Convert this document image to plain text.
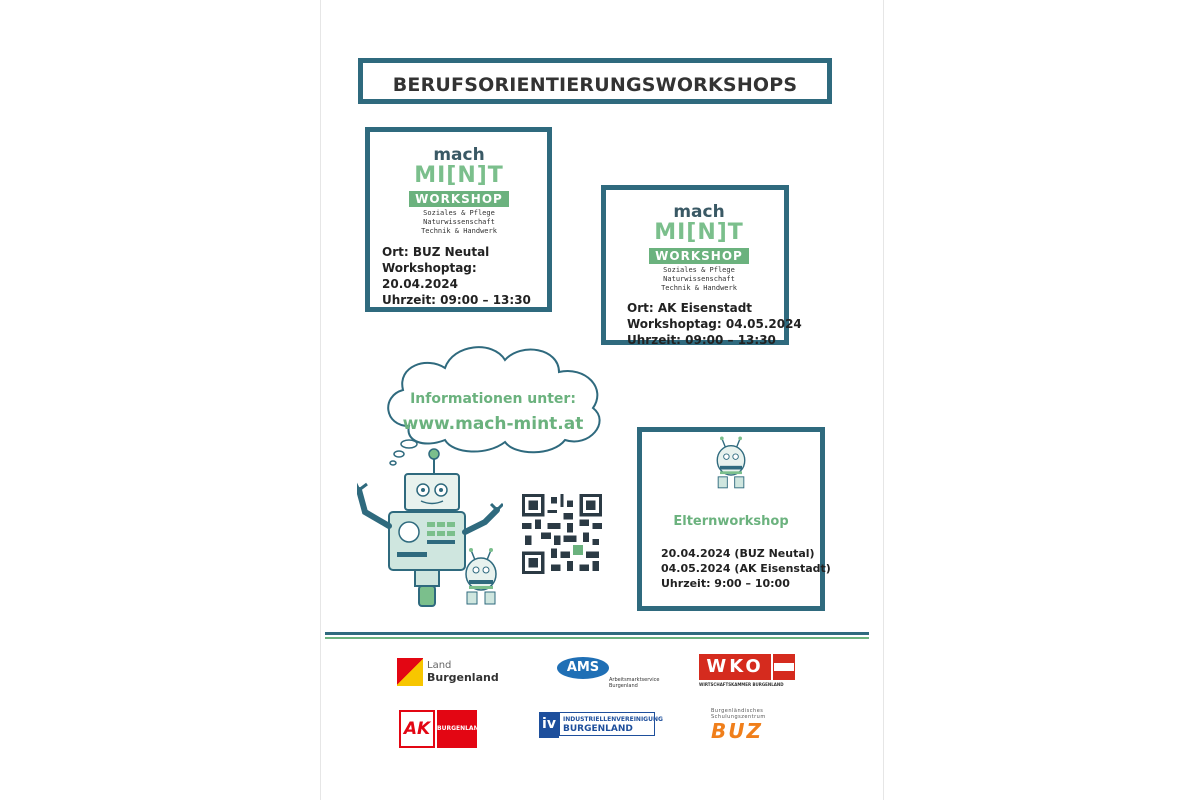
BERUFSORIENTIERUNGSWORKSHOPS
mach
MI[N]T
WORKSHOP
Soziales & Pflege
Naturwissenschaft
Technik & Handwerk
Ort: BUZ Neutal
Workshoptag:
20.04.2024
Uhrzeit: 09:00 – 13:30
mach
MI[N]T
WORKSHOP
Soziales & Pflege
Naturwissenschaft
Technik & Handwerk
Ort: AK Eisenstadt
Workshoptag: 04.05.2024
Uhrzeit: 09:00 – 13:30
Informationen unter:
www.mach-mint.at
Elternworkshop
20.04.2024 (BUZ Neutal)
04.05.2024 (AK Eisenstadt)
Uhrzeit: 9:00 – 10:00
Land
Burgenland
AMS
Arbeitsmarktservice
Burgenland
WKO
WIRTSCHAFTSKAMMER BURGENLAND
AK	BURGENLAND	iv	INDUSTRIELLENVEREINIGUNG
BURGENLAND
Burgenländisches
Schulungszentrum
BUZ
